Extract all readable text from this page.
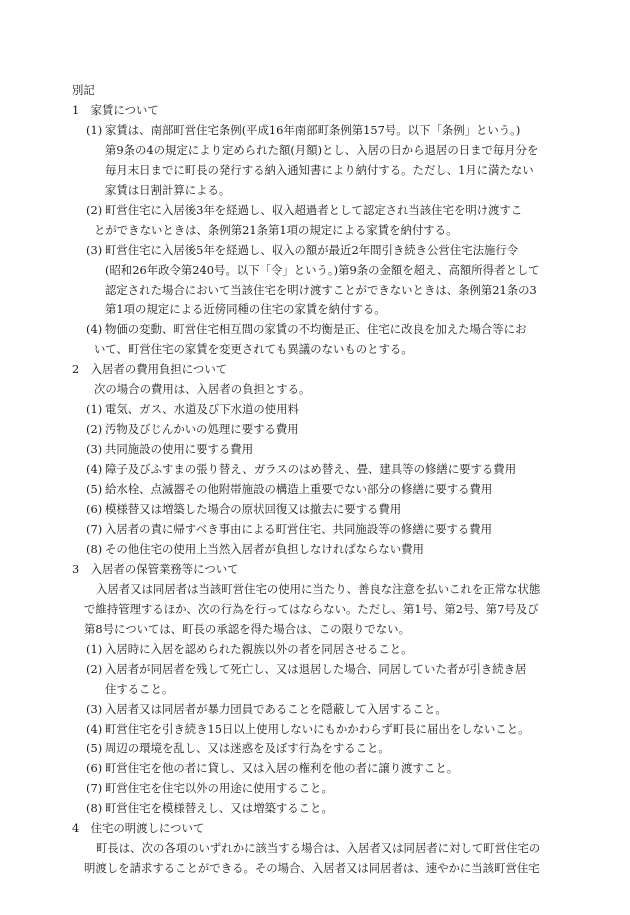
別記

1　家賃について

(1) 家賃は、南部町営住宅条例(平成16年南部町条例第157号。以下「条例」という。)

第9条の4の規定により定められた額(月額)とし、入居の日から退居の日まで毎月分を

毎月末日までに町長の発行する納入通知書により納付する。ただし、1月に満たない

家賃は日割計算による。

(2) 町営住宅に入居後3年を経過し、収入超過者として認定され当該住宅を明け渡すこ

とができないときは、条例第21条第1項の規定による家賃を納付する。

(3) 町営住宅に入居後5年を経過し、収入の額が最近2年間引き続き公営住宅法施行令

(昭和26年政令第240号。以下「令」という。)第9条の金額を超え、高額所得者として

認定された場合において当該住宅を明け渡すことができないときは、条例第21条の3

第1項の規定による近傍同種の住宅の家賃を納付する。

(4) 物価の変動、町営住宅相互間の家賃の不均衡是正、住宅に改良を加えた場合等にお

いて、町営住宅の家賃を変更されても異議のないものとする。

2　入居者の費用負担について

次の場合の費用は、入居者の負担とする。

(1) 電気、ガス、水道及び下水道の使用料

(2) 汚物及びじんかいの処理に要する費用

(3) 共同施設の使用に要する費用

(4) 障子及びふすまの張り替え、ガラスのはめ替え、畳、建具等の修繕に要する費用

(5) 給水栓、点滅器その他附帯施設の構造上重要でない部分の修繕に要する費用

(6) 模様替又は増築した場合の原状回復又は撤去に要する費用

(7) 入居者の責に帰すべき事由による町営住宅、共同施設等の修繕に要する費用

(8) その他住宅の使用上当然入居者が負担しなければならない費用

3　入居者の保管業務等について

入居者又は同居者は当該町営住宅の使用に当たり、善良な注意を払いこれを正常な状態

で維持管理するほか、次の行為を行ってはならない。ただし、第1号、第2号、第7号及び

第8号については、町長の承認を得た場合は、この限りでない。

(1) 入居時に入居を認められた親族以外の者を同居させること。

(2) 入居者が同居者を残して死亡し、又は退居した場合、同居していた者が引き続き居

住すること。

(3) 入居者又は同居者が暴力団員であることを隠蔽して入居すること。

(4) 町営住宅を引き続き15日以上使用しないにもかかわらず町長に届出をしないこと。

(5) 周辺の環境を乱し、又は迷惑を及ぼす行為をすること。

(6) 町営住宅を他の者に貸し、又は入居の権利を他の者に譲り渡すこと。

(7) 町営住宅を住宅以外の用途に使用すること。

(8) 町営住宅を模様替えし、又は増築すること。

4　住宅の明渡しについて

町長は、次の各項のいずれかに該当する場合は、入居者又は同居者に対して町営住宅の

明渡しを請求することができる。その場合、入居者又は同居者は、速やかに当該町営住宅
